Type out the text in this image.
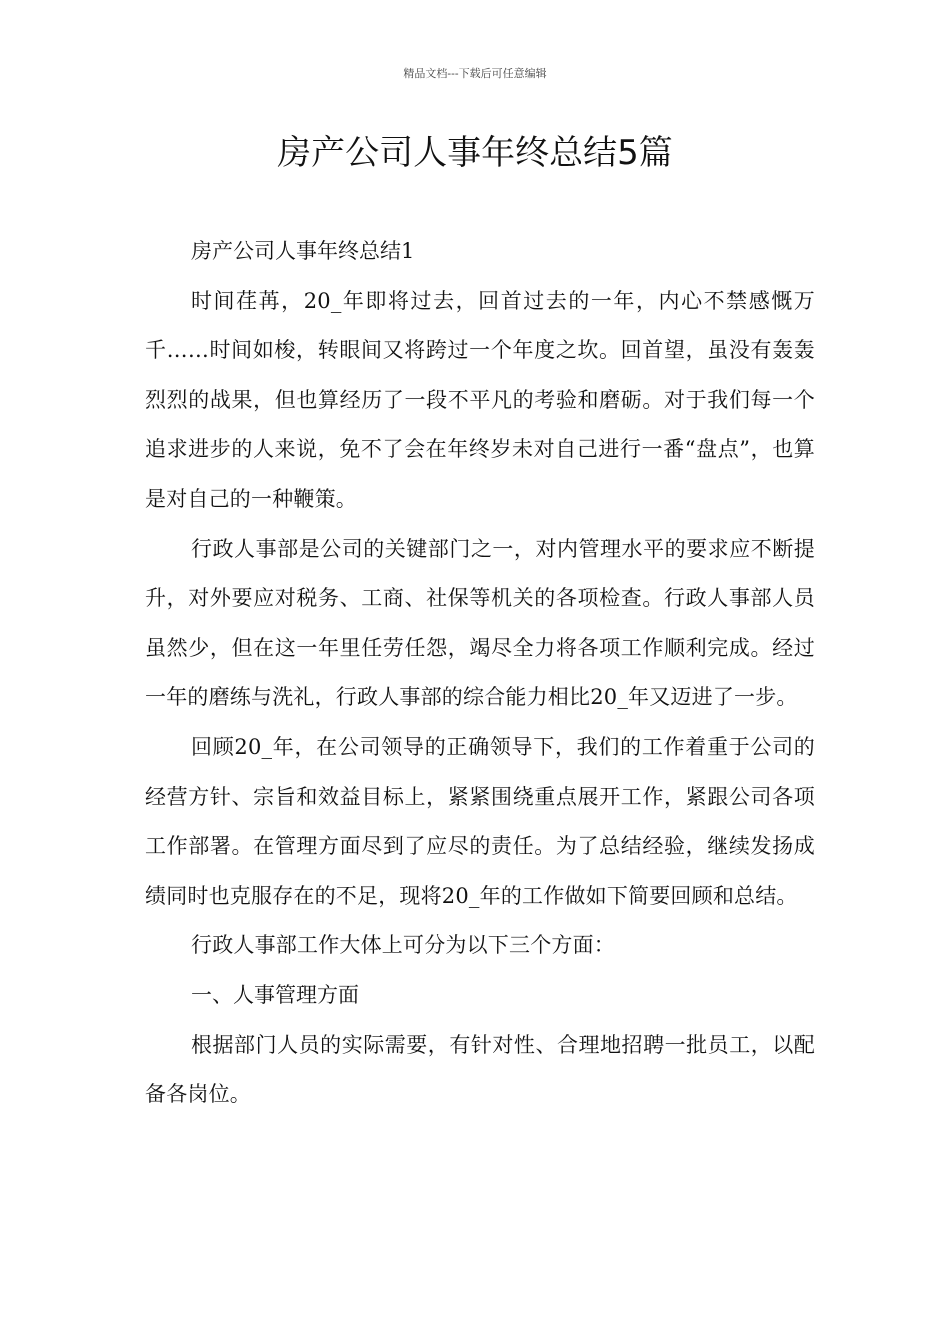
精品文档---下载后可任意编辑
房产公司人事年终总结5篇

房产公司人事年终总结1

时间荏苒，20_年即将过去，回首过去的一年，内心不禁感慨万千……时间如梭，转眼间又将跨过一个年度之坎。回首望，虽没有轰轰烈烈的战果，但也算经历了一段不平凡的考验和磨砺。对于我们每一个追求进步的人来说，免不了会在年终岁未对自己进行一番“盘点”，也算是对自己的一种鞭策。

行政人事部是公司的关键部门之一，对内管理水平的要求应不断提升，对外要应对税务、工商、社保等机关的各项检查。行政人事部人员虽然少，但在这一年里任劳任怨，竭尽全力将各项工作顺利完成。经过一年的磨练与洗礼，行政人事部的综合能力相比20_年又迈进了一步。

回顾20_年，在公司领导的正确领导下，我们的工作着重于公司的经营方针、宗旨和效益目标上，紧紧围绕重点展开工作，紧跟公司各项工作部署。在管理方面尽到了应尽的责任。为了总结经验，继续发扬成绩同时也克服存在的不足，现将20_年的工作做如下简要回顾和总结。

行政人事部工作大体上可分为以下三个方面：

一、人事管理方面

根据部门人员的实际需要，有针对性、合理地招聘一批员工，以配备各岗位。
